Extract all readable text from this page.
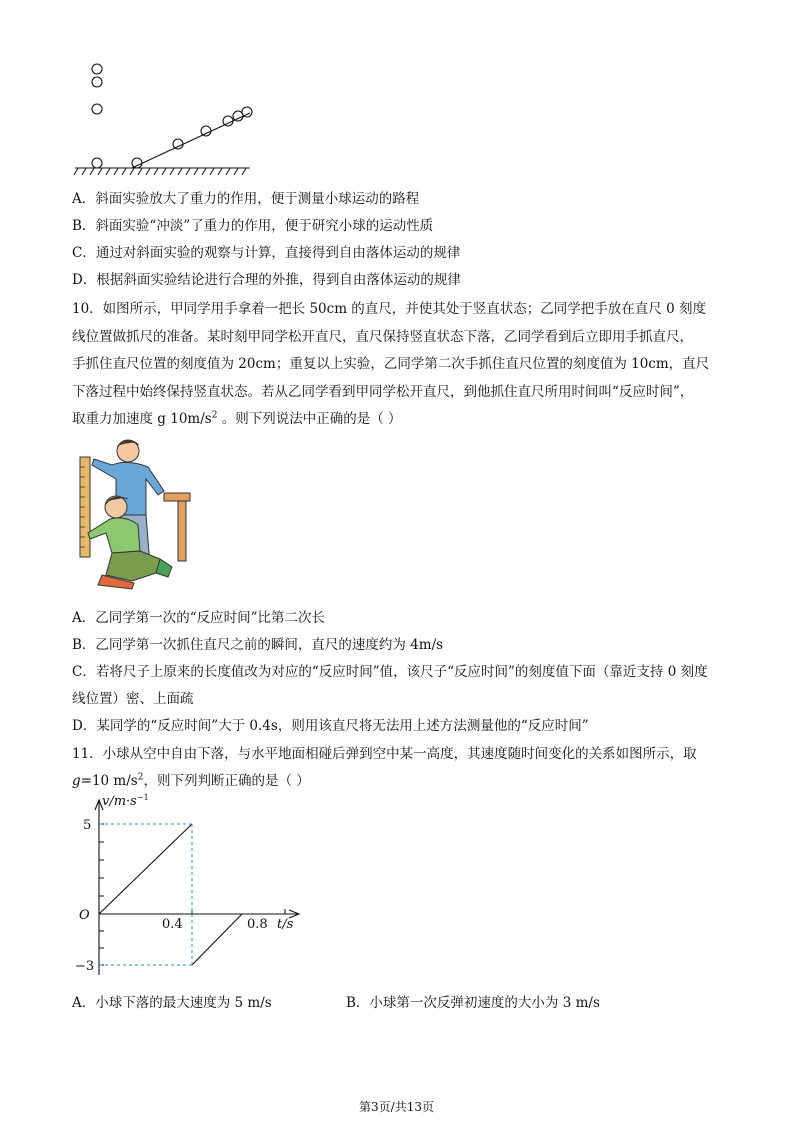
A．斜面实验放大了重力的作用，便于测量小球运动的路程
B．斜面实验“冲淡”了重力的作用，便于研究小球的运动性质
C．通过对斜面实验的观察与计算，直接得到自由落体运动的规律
D．根据斜面实验结论进行合理的外推，得到自由落体运动的规律
10．如图所示，甲同学用手拿着一把长 50cm 的直尺，并使其处于竖直状态；乙同学把手放在直尺 0 刻度
线位置做抓尺的准备。某时刻甲同学松开直尺，直尺保持竖直状态下落，乙同学看到后立即用手抓直尺，
手抓住直尺位置的刻度值为 20cm；重复以上实验，乙同学第二次手抓住直尺位置的刻度值为 10cm，直尺
下落过程中始终保持竖直状态。若从乙同学看到甲同学松开直尺，到他抓住直尺所用时间叫“反应时间”，
取重力加速度 g $10m/s^2$ 。则下列说法中正确的是（ ）
A．乙同学第一次的“反应时间”比第二次长
B．乙同学第一次抓住直尺之前的瞬间，直尺的速度约为 4m/s
C．若将尺子上原来的长度值改为对应的“反应时间”值，该尺子“反应时间”的刻度值下面（靠近支持 0 刻度
线位置）密、上面疏
D．某同学的“反应时间”大于 0.4s，则用该直尺将无法用上述方法测量他的“反应时间”
11．小球从空中自由下落，与水平地面相碰后弹到空中某一高度，其速度随时间变化的关系如图所示，取
g=10 $m/s^2$，则下列判断正确的是（ ）
$v/m\cdot s^{-1}$
5
O
−3
0.4	0.8 t/s
A．小球下落的最大速度为 5 m/s	B．小球第一次反弹初速度的大小为 3 m/s
第3页/共13页
